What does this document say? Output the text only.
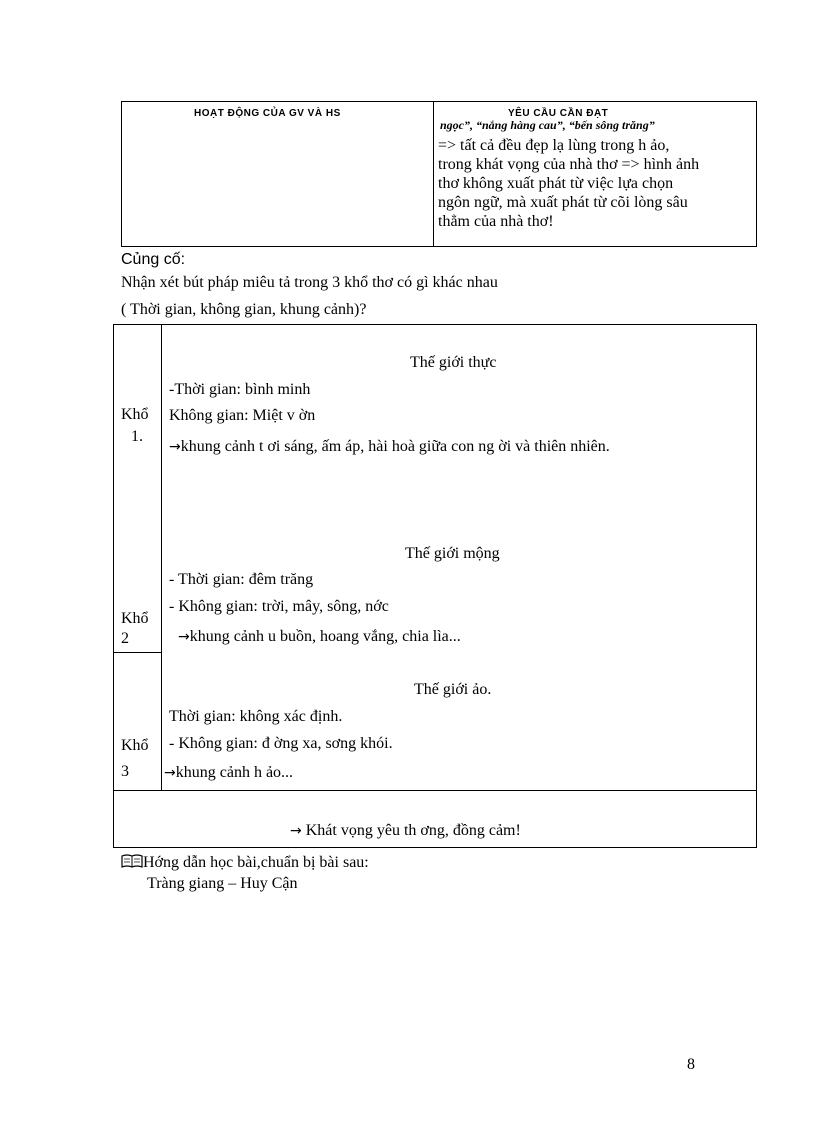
HOẠT ĐỘNG CỦA GV VÀ HS	YÊU CẦU CẦN ĐẠT
ngọc”, “nắng hàng cau”, “bến sông trăng”
=> tất cả đều đẹp lạ lùng trong h ảo,
trong khát vọng của nhà thơ => hình ảnh
thơ không xuất phát từ việc lựa chọn
ngôn ngữ, mà xuất phát từ cõi lòng sâu
thẳm của nhà thơ!
Củng cố:
Nhận xét bút pháp miêu tả trong 3 khổ thơ có gì khác nhau
( Thời gian, không gian, khung cảnh)?
Khổ
1.
Thế giới thực
-Thời gian: bình minh
Không gian: Miệt v ờn
→khung cảnh t ơi sáng, ấm áp, hài hoà giữa con ng ời và thiên nhiên.
Khổ
2
Thế giới mộng
- Thời gian: đêm trăng
- Không gian: trời, mây, sông, nớc
→khung cảnh u buồn, hoang vắng, chia lìa...
Khổ
3
Thế giới ảo.
Thời gian: không xác định.
- Không gian: đ ờng xa, sơng khói.
→khung cảnh h ảo...
→ Khát vọng yêu th ơng, đồng cảm!
Hớng dẫn học bài,chuẩn bị bài sau:
Tràng giang – Huy Cận
8
